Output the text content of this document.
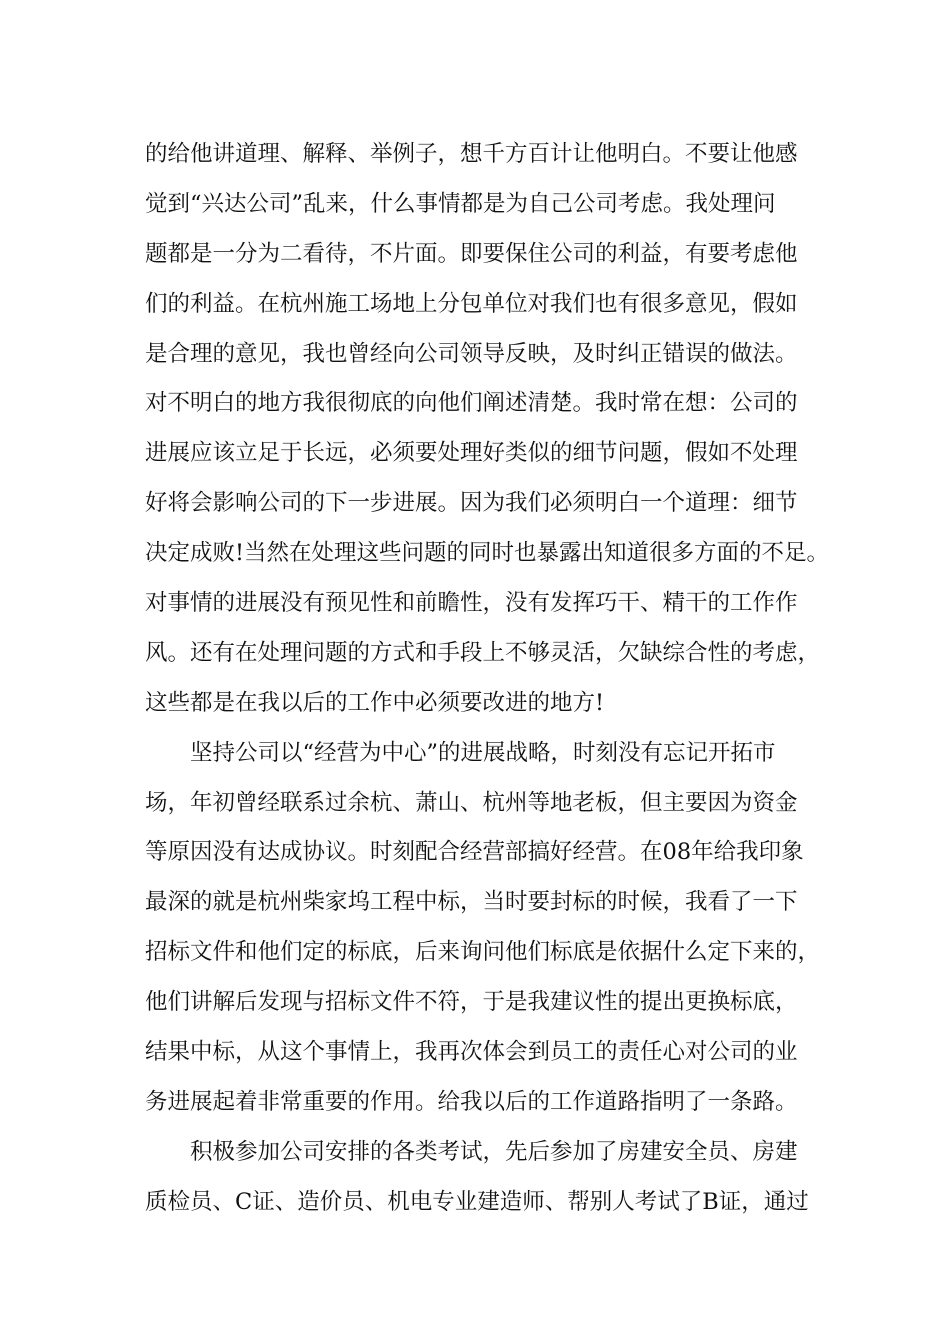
的给他讲道理、解释、举例子，想千方百计让他明白。不要让他感
觉到“兴达公司”乱来，什么事情都是为自己公司考虑。我处理问
题都是一分为二看待，不片面。即要保住公司的利益，有要考虑他
们的利益。在杭州施工场地上分包单位对我们也有很多意见，假如
是合理的意见，我也曾经向公司领导反映，及时纠正错误的做法。
对不明白的地方我很彻底的向他们阐述清楚。我时常在想：公司的
进展应该立足于长远，必须要处理好类似的细节问题，假如不处理
好将会影响公司的下一步进展。因为我们必须明白一个道理：细节
决定成败!当然在处理这些问题的同时也暴露出知道很多方面的不足。
对事情的进展没有预见性和前瞻性，没有发挥巧干、精干的工作作
风。还有在处理问题的方式和手段上不够灵活，欠缺综合性的考虑，
这些都是在我以后的工作中必须要改进的地方!
坚持公司以“经营为中心”的进展战略，时刻没有忘记开拓市
场，年初曾经联系过余杭、萧山、杭州等地老板，但主要因为资金
等原因没有达成协议。时刻配合经营部搞好经营。在08年给我印象
最深的就是杭州柴家坞工程中标，当时要封标的时候，我看了一下
招标文件和他们定的标底，后来询问他们标底是依据什么定下来的，
他们讲解后发现与招标文件不符，于是我建议性的提出更换标底，
结果中标，从这个事情上，我再次体会到员工的责任心对公司的业
务进展起着非常重要的作用。给我以后的工作道路指明了一条路。
积极参加公司安排的各类考试，先后参加了房建安全员、房建
质检员、C证、造价员、机电专业建造师、帮别人考试了B证，通过
